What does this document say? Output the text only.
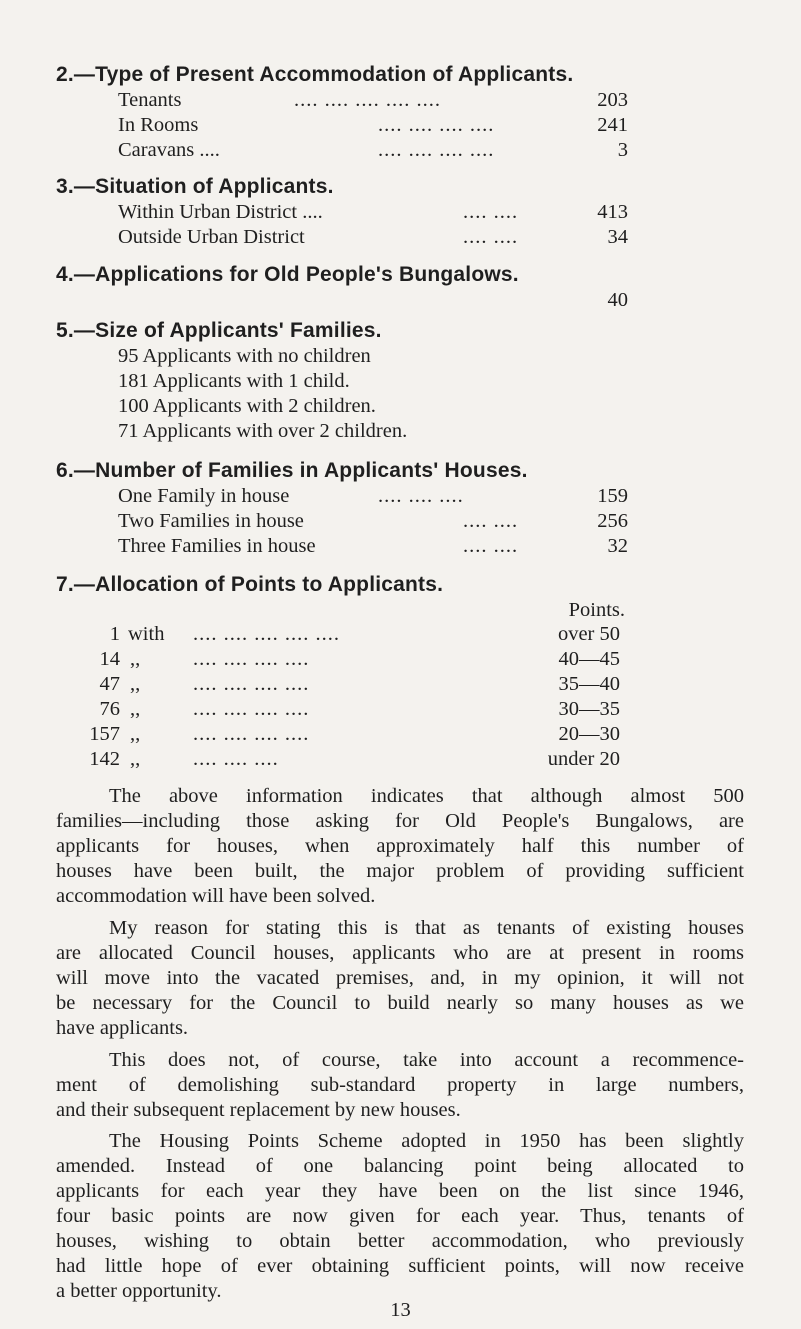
2.—Type of Present Accommodation of Applicants.
Tenants	.... .... .... .... ....	203
In Rooms	.... .... .... ....	241
Caravans ....	.... .... .... ....	3
3.—Situation of Applicants.
Within Urban District ....	.... ....	413
Outside Urban District	.... ....	34
4.—Applications for Old People's Bungalows.
40
5.—Size of Applicants' Families.
95 Applicants with no children
181 Applicants with 1 child.
100 Applicants with 2 children.
71 Applicants with over 2 children.
6.—Number of Families in Applicants' Houses.
One Family in house	.... .... ....	159
Two Families in house	.... ....	256
Three Families in house	.... ....	32
7.—Allocation of Points to Applicants.
Points.
1 with .... .... .... .... ....	over 50
14 ,,	.... .... .... ....	40—45
47 ,,	.... .... .... ....	35—40
76 ,,	.... .... .... ....	30—35
157 ,,	.... .... .... ....	20—30
142 ,,	.... .... ....	under 20
The above information indicates that although almost 500
families—including those asking for Old People's Bungalows, are
applicants for houses, when approximately half this number of
houses have been built, the major problem of providing sufficient
accommodation will have been solved.
My reason for stating this is that as tenants of existing houses
are allocated Council houses, applicants who are at present in rooms
will move into the vacated premises, and, in my opinion, it will not
be necessary for the Council to build nearly so many houses as we
have applicants.
This does not, of course, take into account a recommence-
ment of demolishing sub-standard property in large numbers,
and their subsequent replacement by new houses.
The Housing Points Scheme adopted in 1950 has been slightly
amended. Instead of one balancing point being allocated to
applicants for each year they have been on the list since 1946,
four basic points are now given for each year. Thus, tenants of
houses, wishing to obtain better accommodation, who previously
had little hope of ever obtaining sufficient points, will now receive
a better opportunity.
13
